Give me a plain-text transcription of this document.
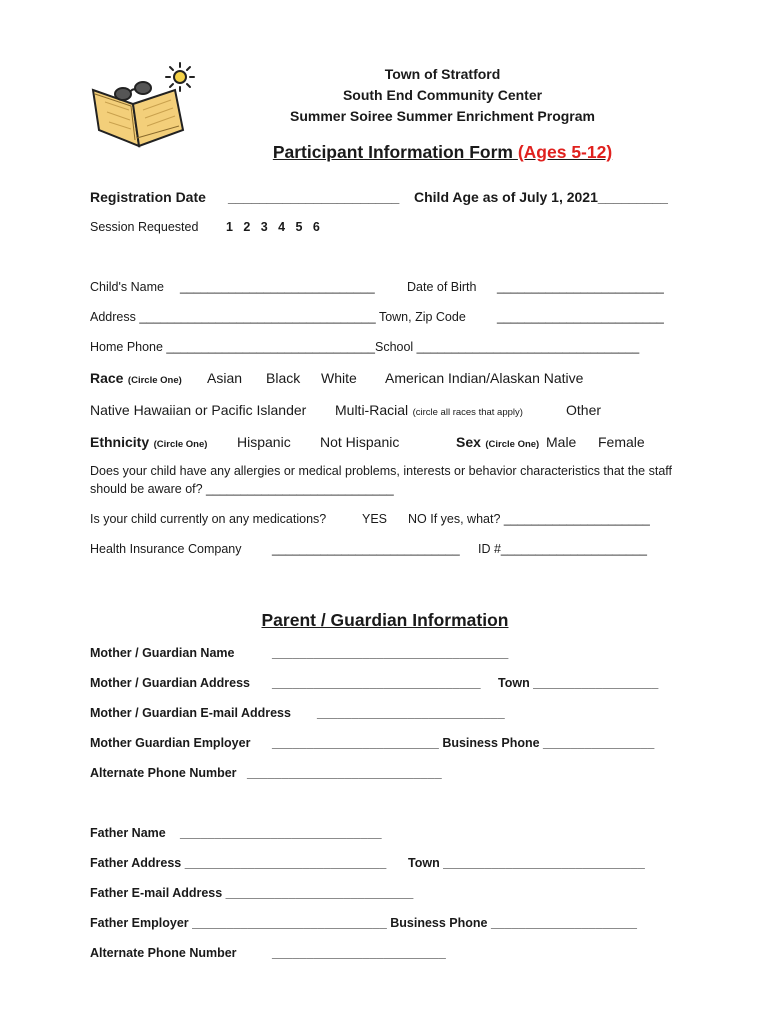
Town of Stratford
South End Community Center
Summer Soiree Summer Enrichment Program
Participant Information Form (Ages 5-12)
Registration Date ______________________ Child Age as of July 1, 2021_________
Session Requested 1   2   3   4   5   6
Child's Name ____________________________	Date of Birth ________________________
Address __________________________________ Town, Zip Code ________________________
Home Phone ______________________________School ________________________________
Race (Circle One) Asian Black White American Indian/Alaskan Native
Native Hawaiian or Pacific Islander Multi-Racial (circle all races that apply)	Other
Ethnicity (Circle One) Hispanic Not Hispanic	Sex (Circle One) Male Female
Does your child have any allergies or medical problems, interests or behavior characteristics that the staff
should be aware of? ___________________________
Is your child currently on any medications?	YES NO If yes, what? _____________________
Health Insurance Company ___________________________ ID #_____________________
Parent / Guardian Information
Mother / Guardian Name	__________________________________
Mother / Guardian Address ______________________________ Town __________________
Mother / Guardian E-mail Address ___________________________
Mother Guardian Employer ________________________ Business Phone ________________
Alternate Phone Number ____________________________
Father Name _____________________________
Father Address _____________________________ Town _____________________________
Father E-mail Address ___________________________
Father Employer ____________________________ Business Phone _____________________
Alternate Phone Number	_________________________
